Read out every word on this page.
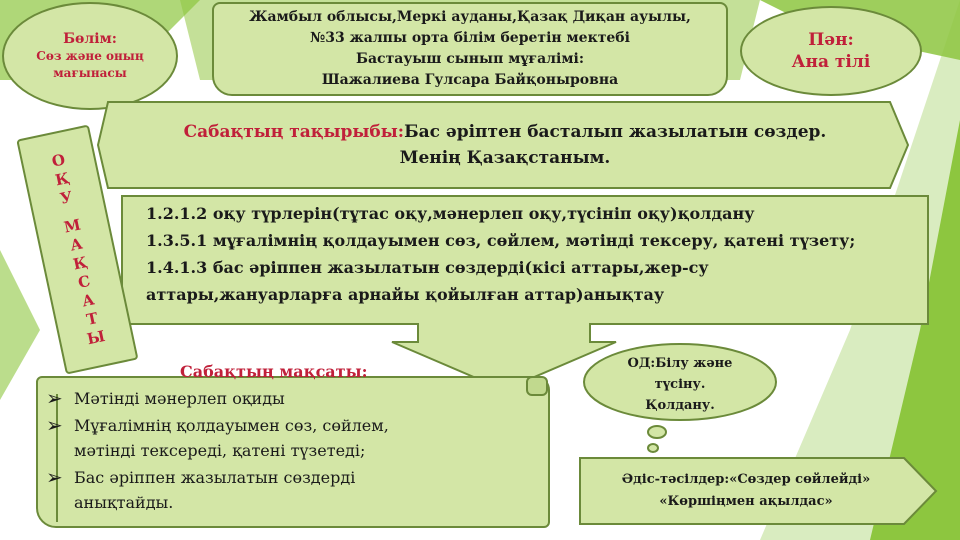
Бөлім:
Сөз және оның
мағынасы
Жамбыл облысы,Меркі ауданы,Қазақ Диқан ауылы,
№33 жалпы орта білім беретін мектебі
Бастауыш сынып мұғалімі:
Шажалиева Гулсара Байқоныровна
Пән:
Ана тілі
Сабақтың тақырыбы:Бас әріптен басталып жазылатын сөздер.
Менің Қазақстаным.
1.2.1.2 оқу түрлерін(тұтас оқу,мәнерлеп оқу,түсініп оқу)қолдану
1.3.5.1 мұғалімнің қолдауымен сөз, сөйлем, мәтінді тексеру, қатені түзету;
1.4.1.3 бас әріппен жазылатын сөздерді(кісі аттары,жер-су
аттары,жануарларға арнайы қойылған аттар)анықтау
О
Қ
У
М
А
Қ
С
А
Т
Ы
Сабақтың мақсаты:
➢ Мәтінді мәнерлеп оқиды
➢ Мұғалімнің қолдауымен сөз, сөйлем,
мәтінді тексереді, қатені түзетеді;
➢ Бас әріппен жазылатын сөздерді
анықтайды.
ОД:Білу және
түсіну.
Қолдану.
Әдіс-тәсілдер:«Сөздер сөйлейді»
«Көршіңмен ақылдас»
